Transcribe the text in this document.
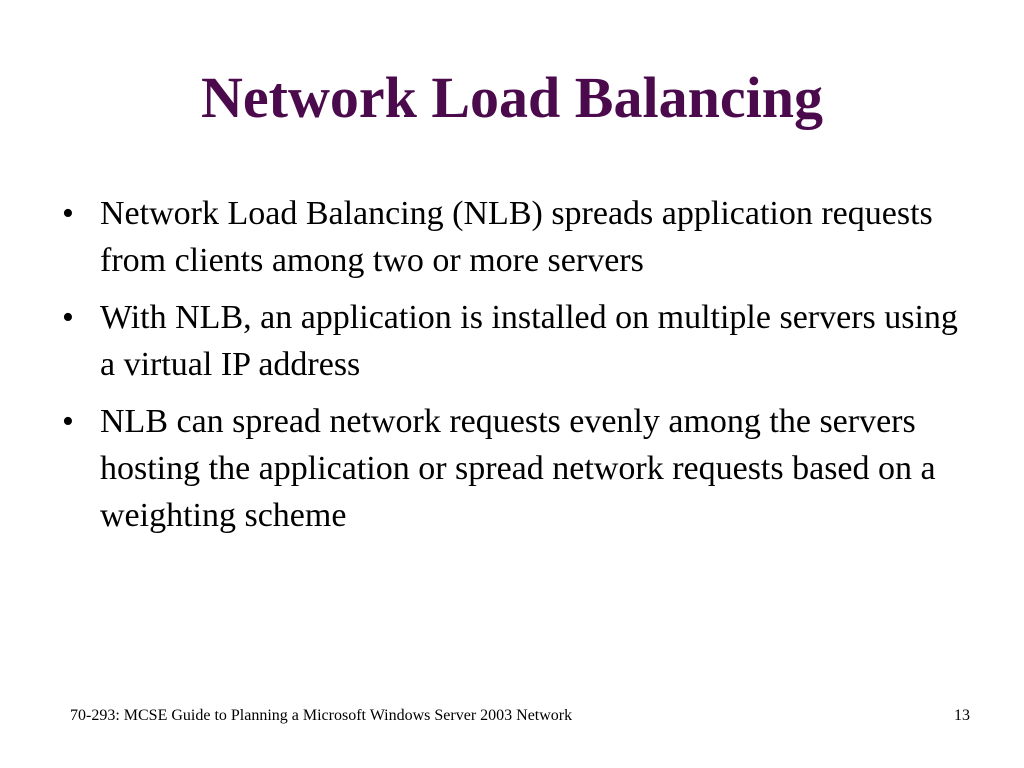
Network Load Balancing
• Network Load Balancing (NLB) spreads application requests from clients among two or more servers
• With NLB, an application is installed on multiple servers using a virtual IP address
• NLB can spread network requests evenly among the servers hosting the application or spread network requests based on a weighting scheme
70-293: MCSE Guide to Planning a Microsoft Windows Server 2003 Network	13
